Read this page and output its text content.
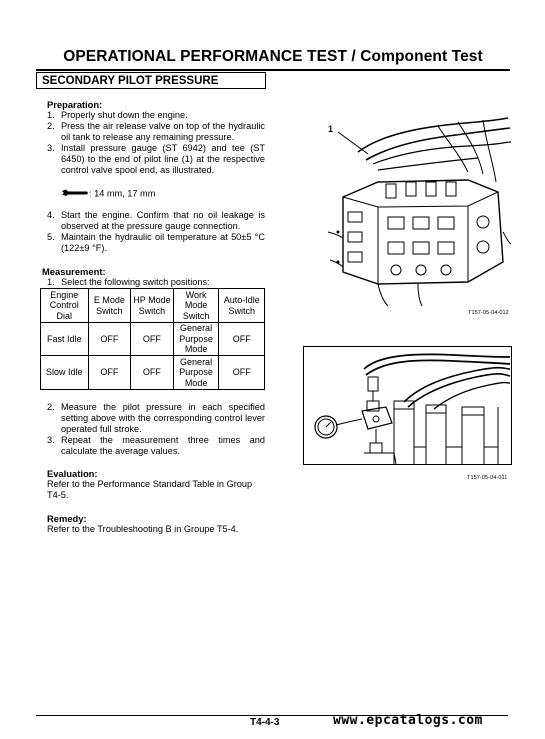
OPERATIONAL PERFORMANCE TEST / Component Test
SECONDARY PILOT PRESSURE
Preparation:
1. Properly shut down the engine.
2. Press the air release valve on top of the hydraulic oil tank to release any remaining pressure.
3. Install pressure gauge (ST 6942) and tee (ST 6450) to the end of pilot line (1) at the respective control valve spool end, as illustrated.
: 14 mm, 17 mm
4. Start the engine. Confirm that no oil leakage is observed at the pressure gauge connection.
5. Maintain the hydraulic oil temperature at 50±5 °C (122±9 °F).
Measurement:
1. Select the following switch positions:
Engine Control Dial	E Mode Switch	HP Mode Switch	Work Mode Switch	Auto-Idle Switch
Fast Idle	OFF	OFF	General Purpose Mode	OFF
Slow Idle	OFF	OFF	General Purpose Mode	OFF
2. Measure the pilot pressure in each specified setting above with the corresponding control lever operated full stroke.
3. Repeat the measurement three times and calculate the average values.
Evaluation:
Refer to the Performance Standard Table in Group T4-5.
Remedy:
Refer to the Troubleshooting B in Groupe T5-4.
1
T157-05-04-012
T157-05-04-011
T4-4-3	www.epcatalogs.com
